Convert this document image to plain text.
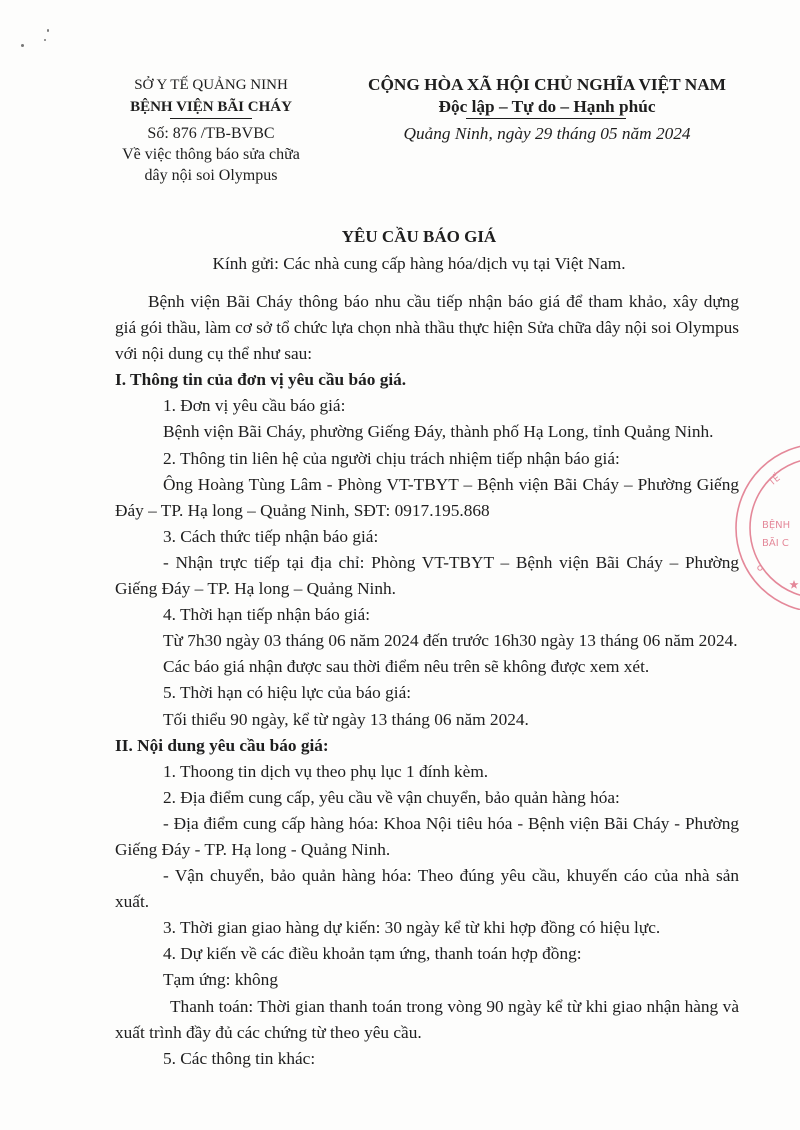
SỞ Y TẾ QUẢNG NINH
BỆNH VIỆN BÃI CHÁY
Số: 876 /TB-BVBC
Về việc thông báo sửa chữa
dây nội soi Olympus
CỘNG HÒA XÃ HỘI CHỦ NGHĨA VIỆT NAM
Độc lập – Tự do – Hạnh phúc
Quảng Ninh, ngày 29 tháng 05 năm 2024
YÊU CẦU BÁO GIÁ
Kính gửi: Các nhà cung cấp hàng hóa/dịch vụ tại Việt Nam.
Bệnh viện Bãi Cháy thông báo nhu cầu tiếp nhận báo giá để tham khảo, xây dựng
giá gói thầu, làm cơ sở tổ chức lựa chọn nhà thầu thực hiện Sửa chữa dây nội soi Olympus
với nội dung cụ thể như sau:
I. Thông tin của đơn vị yêu cầu báo giá.
1. Đơn vị yêu cầu báo giá:
Bệnh viện Bãi Cháy, phường Giếng Đáy, thành phố Hạ Long, tỉnh Quảng Ninh.
2. Thông tin liên hệ của người chịu trách nhiệm tiếp nhận báo giá:
Ông Hoàng Tùng Lâm - Phòng VT-TBYT – Bệnh viện Bãi Cháy – Phường Giếng
Đáy – TP. Hạ long – Quảng Ninh, SĐT: 0917.195.868
3. Cách thức tiếp nhận báo giá:
- Nhận trực tiếp tại địa chỉ: Phòng VT-TBYT – Bệnh viện Bãi Cháy – Phường
Giếng Đáy – TP. Hạ long – Quảng Ninh.
4. Thời hạn tiếp nhận báo giá:
Từ 7h30 ngày 03 tháng 06 năm 2024 đến trước 16h30 ngày 13 tháng 06 năm 2024.
Các báo giá nhận được sau thời điểm nêu trên sẽ không được xem xét.
5. Thời hạn có hiệu lực của báo giá:
Tối thiểu 90 ngày, kể từ ngày 13 tháng 06 năm 2024.
II. Nội dung yêu cầu báo giá:
1. Thoong tin dịch vụ theo phụ lục 1 đính kèm.
2. Địa điểm cung cấp, yêu cầu về vận chuyển, bảo quản hàng hóa:
- Địa điểm cung cấp hàng hóa: Khoa Nội tiêu hóa - Bệnh viện Bãi Cháy - Phường
Giếng Đáy - TP. Hạ long - Quảng Ninh.
- Vận chuyển, bảo quản hàng hóa: Theo đúng yêu cầu, khuyến cáo của nhà sản
xuất.
3. Thời gian giao hàng dự kiến: 30 ngày kể từ khi hợp đồng có hiệu lực.
4. Dự kiến về các điều khoản tạm ứng, thanh toán hợp đồng:
Tạm ứng: không
Thanh toán: Thời gian thanh toán trong vòng 90 ngày kể từ khi giao nhận hàng và
xuất trình đầy đủ các chứng từ theo yêu cầu.
5. Các thông tin khác:
TẾ
BỆNH
BÃI C
